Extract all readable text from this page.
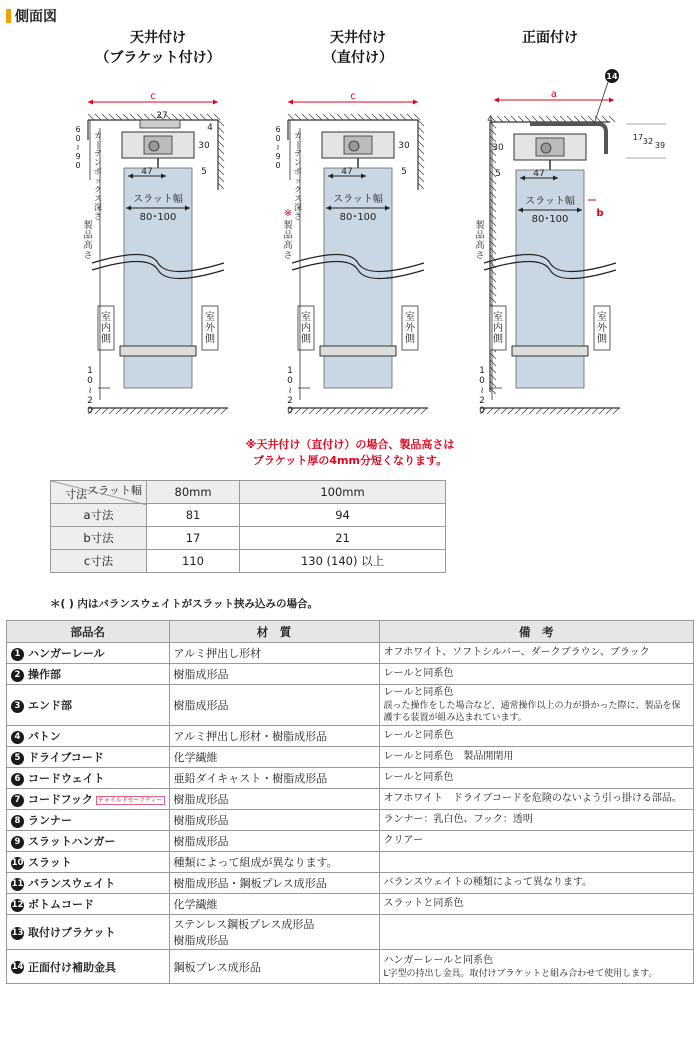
側面図
天井付け
（ブラケット付け）
c
27
4
30
5
47
スラット幅
80･100
室
内
側
室
外
側
製
品
高
さ
カ
|
テ
ン
ボ
ッ
ク
ス
深
さ
6
0
≀
9
0
1
0
≀
2
0
天井付け
（直付け）
c
30
5
47
スラット幅
80･100
室
内
側
室
外
側
製
品
高
さ
※
カ
|
テ
ン
ボ
ッ
ク
ス
深
さ
6
0
≀
9
0
1
0
≀
2
0
正面付け
a
14
17 32 39
4
30
5	47
スラット幅
80･100
b
室
内
側
室
外
側
製
品
高
さ
1
0
≀
2
0
※天井付け（直付け）の場合、製品高さは
ブラケット厚の4mm分短くなります。
スラット幅
寸法	80mm	100mm
a寸法	81	94
b寸法	17	21
c寸法	110	130 (140) 以上
＊( ) 内はバランスウェイトがスラット挟み込みの場合。
部品名	材　質	備　考
1 ハンガーレール	アルミ押出し形材	オフホワイト、ソフトシルバー、ダークブラウン、ブラック

2 操作部	樹脂成形品	レールと同系色

3 エンド部	樹脂成形品	レールと同系色
誤った操作をした場合など、通常操作以上の力が掛かった際に、製品を保護する装置が組み込まれています。

4 バトン	アルミ押出し形材・樹脂成形品	レールと同系色

5 ドライブコード	化学繊維	レールと同系色　製品開閉用

6 コードウェイト	亜鉛ダイキャスト・樹脂成形品	レールと同系色

7 コードフック チャイルドセーフティー	樹脂成形品	オフホワイト　ドライブコードを危険のないよう引っ掛ける部品。

8 ランナー	樹脂成形品	ランナー：乳白色、フック：透明

9 スラットハンガー	樹脂成形品	クリアー

10 スラット	種類によって組成が異なります。	

11 バランスウェイト	樹脂成形品・鋼板プレス成形品	バランスウェイトの種類によって異なります。

12 ボトムコード	化学繊維	スラットと同系色

13 取付けブラケット	ステンレス鋼板プレス成形品
樹脂成形品	

14 正面付け補助金具	鋼板プレス成形品	ハンガーレールと同系色
L字型の持出し金具。取付けブラケットと組み合わせて使用します。
